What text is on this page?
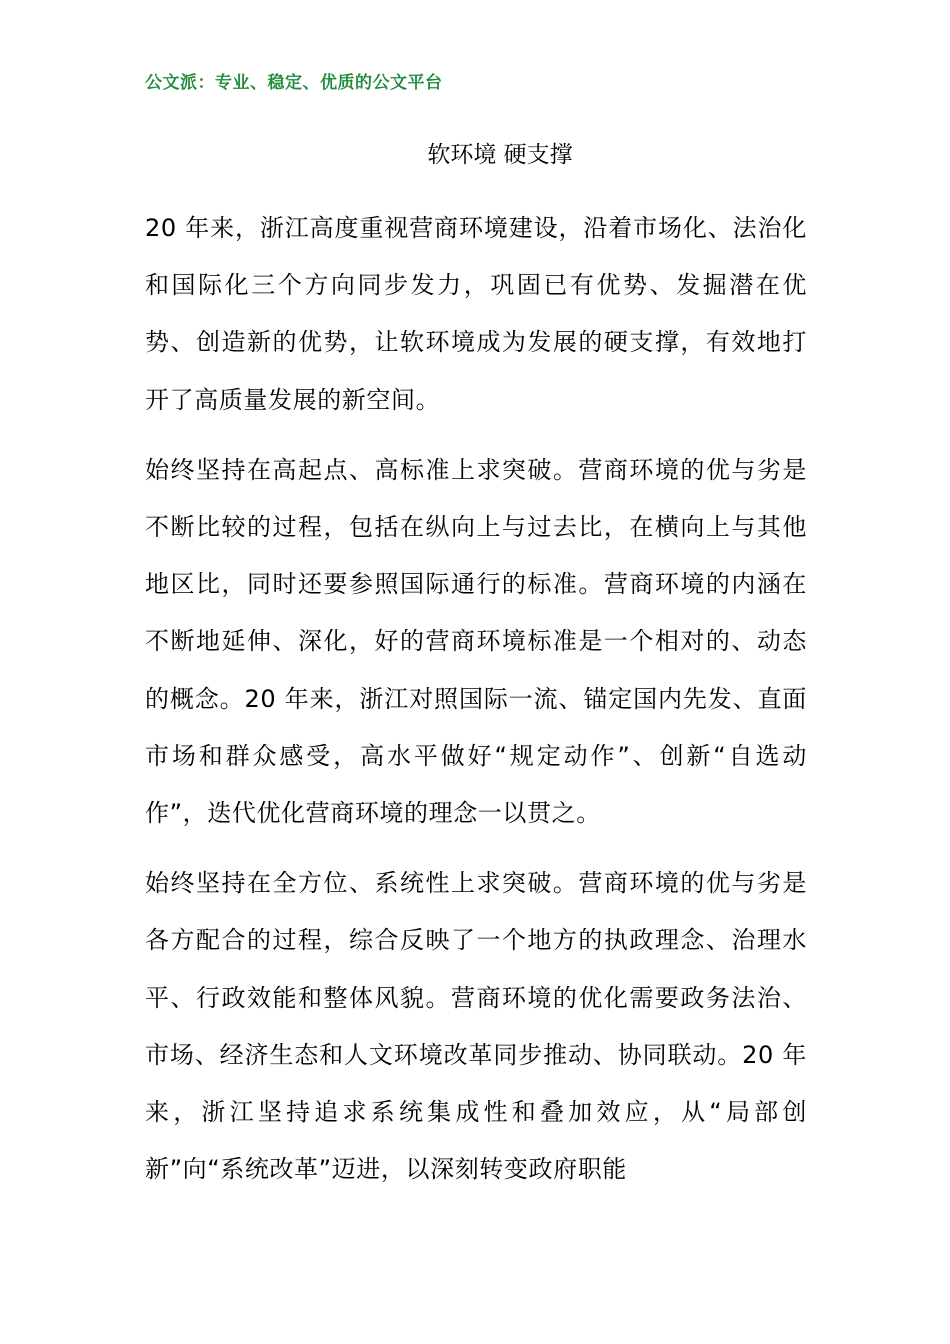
公文派：专业、稳定、优质的公文平台
软环境 硬支撑

20 年来，浙江高度重视营商环境建设，沿着市场化、法治化和国际化三个方向同步发力，巩固已有优势、发掘潜在优势、创造新的优势，让软环境成为发展的硬支撑，有效地打开了高质量发展的新空间。

始终坚持在高起点、高标准上求突破。营商环境的优与劣是不断比较的过程，包括在纵向上与过去比，在横向上与其他地区比，同时还要参照国际通行的标准。营商环境的内涵在不断地延伸、深化，好的营商环境标准是一个相对的、动态的概念。20 年来，浙江对照国际一流、锚定国内先发、直面市场和群众感受，高水平做好“规定动作”、创新“自选动作”，迭代优化营商环境的理念一以贯之。

始终坚持在全方位、系统性上求突破。营商环境的优与劣是各方配合的过程，综合反映了一个地方的执政理念、治理水平、行政效能和整体风貌。营商环境的优化需要政务法治、市场、经济生态和人文环境改革同步推动、协同联动。20 年来，浙江坚持追求系统集成性和叠加效应，从“局部创新”向“系统改革”迈进，以深刻转变政府职能
